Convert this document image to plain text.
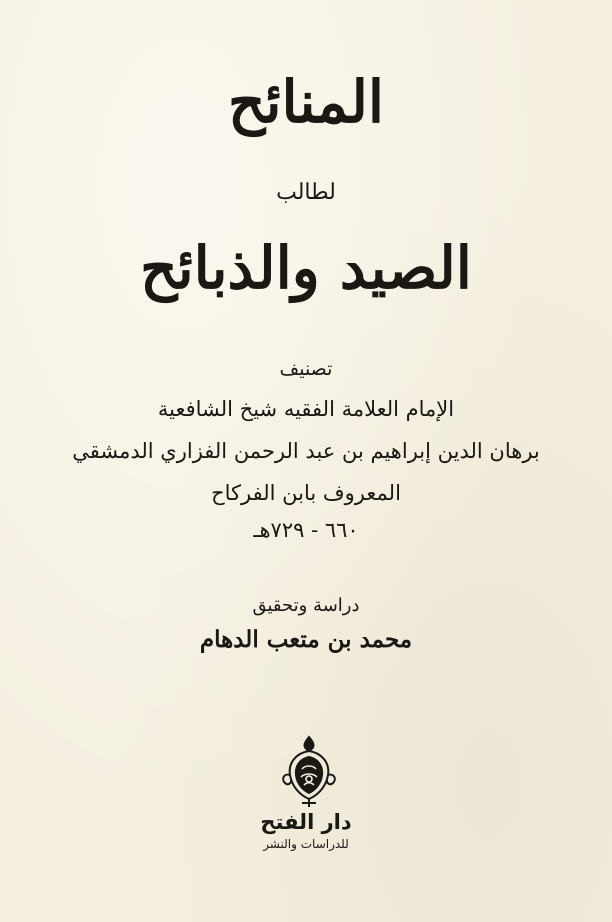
المنائح
لطالب
الصيد والذبائح
تصنيف
الإمام العلامة الفقيه شيخ الشافعية
برهان الدين إبراهيم بن عبد الرحمن الفزاري الدمشقي
المعروف بابن الفركاح
٦٦٠ - ٧٢٩هـ
دراسة وتحقيق
محمد بن متعب الدهام
دار الفتح
للدراسات والنشر
